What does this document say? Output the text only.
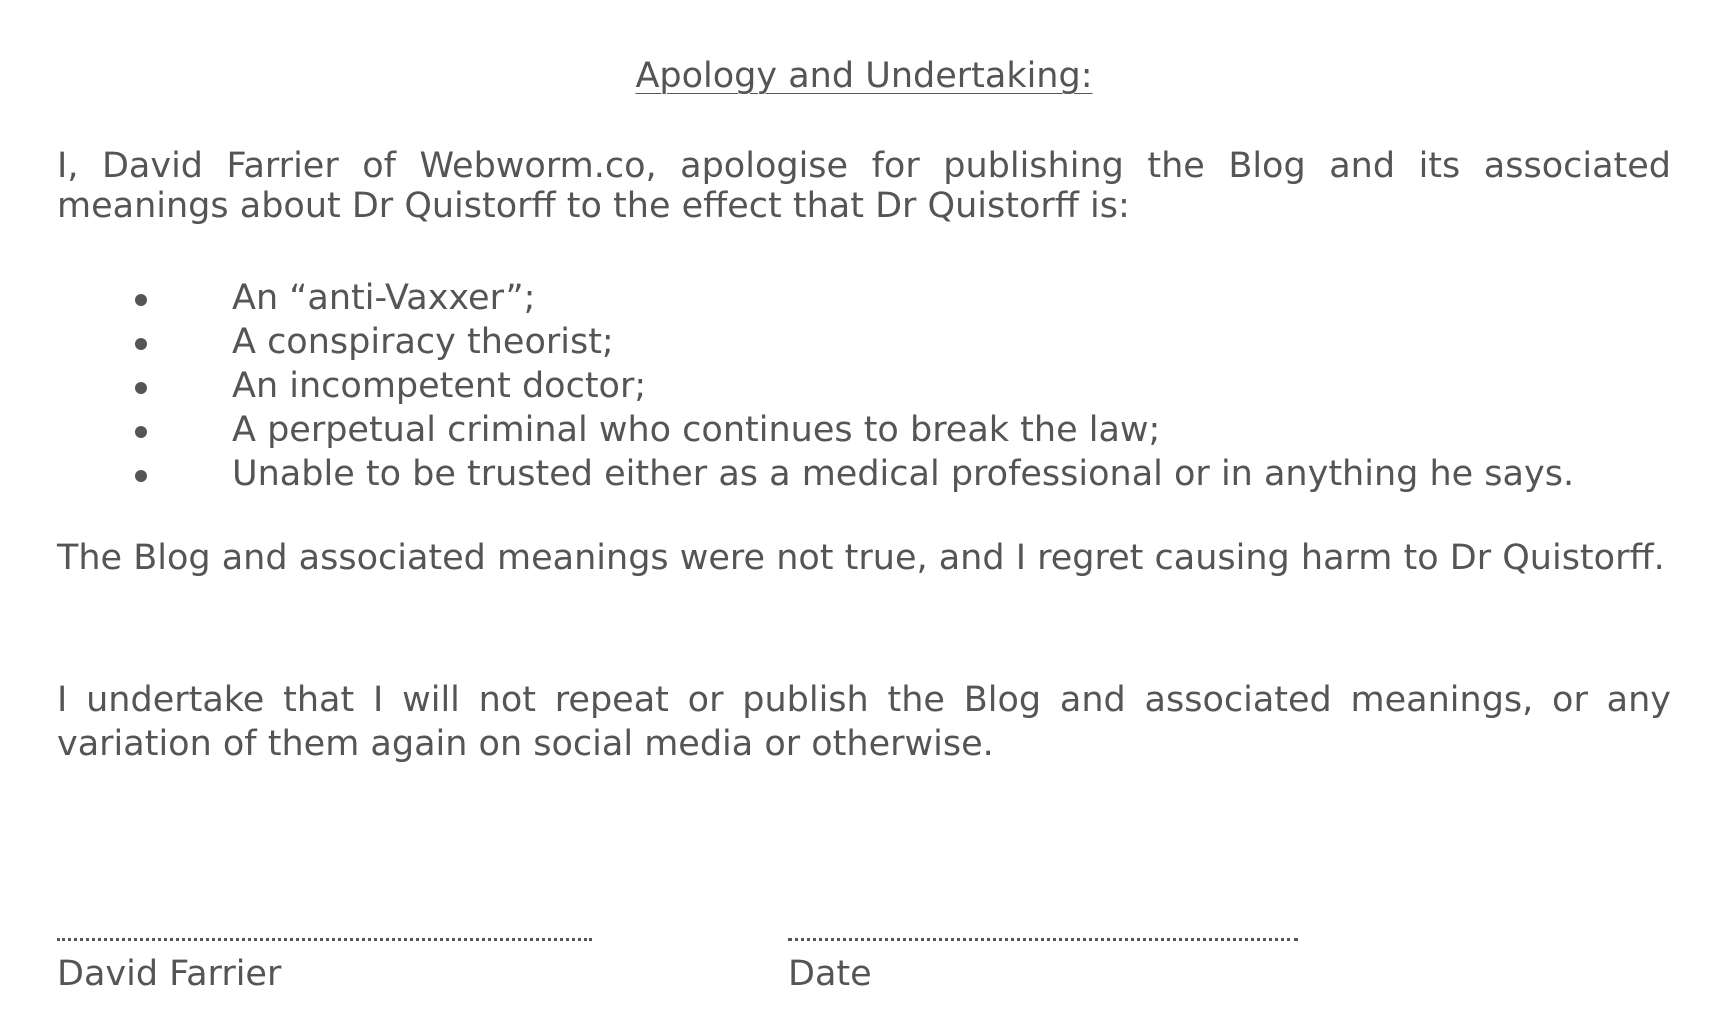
Apology and Undertaking:

I, David Farrier of Webworm.co, apologise for publishing the Blog and its associated meanings about Dr Quistorff to the effect that Dr Quistorff is:

An “anti-Vaxxer”;
A conspiracy theorist;
An incompetent doctor;
A perpetual criminal who continues to break the law;
Unable to be trusted either as a medical professional or in anything he says.

The Blog and associated meanings were not true, and I regret causing harm to Dr Quistorff.

I undertake that I will not repeat or publish the Blog and associated meanings, or any variation of them again on social media or otherwise.

David Farrier	Date
